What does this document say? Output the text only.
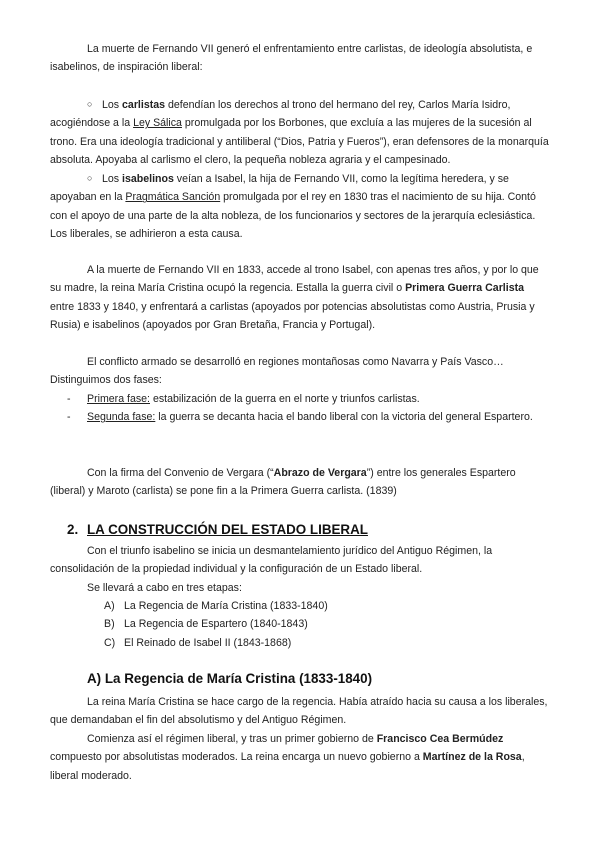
La muerte de Fernando VII generó el enfrentamiento entre carlistas, de ideología absolutista, e isabelinos, de inspiración liberal:

○ Los carlistas defendían los derechos al trono del hermano del rey, Carlos María Isidro, acogiéndose a la Ley Sálica promulgada por los Borbones, que excluía a las mujeres de la sucesión al trono. Era una ideología tradicional y antiliberal (“Dios, Patria y Fueros”), eran defensores de la monarquía absoluta. Apoyaba al carlismo el clero, la pequeña nobleza agraria y el campesinado.
○ Los isabelinos veían a Isabel, la hija de Fernando VII, como la legítima heredera, y se apoyaban en la Pragmática Sanción promulgada por el rey en 1830 tras el nacimiento de su hija. Contó con el apoyo de una parte de la alta nobleza, de los funcionarios y sectores de la jerarquía eclesiástica. Los liberales, se adhirieron a esta causa.

A la muerte de Fernando VII en 1833, accede al trono Isabel, con apenas tres años, y por lo que su madre, la reina María Cristina ocupó la regencia. Estalla la guerra civil o Primera Guerra Carlista entre 1833 y 1840, y enfrentará a carlistas (apoyados por potencias absolutistas como Austria, Prusia y Rusia) e isabelinos (apoyados por Gran Bretaña, Francia y Portugal).

El conflicto armado se desarrolló en regiones montañosas como Navarra y País Vasco… Distinguimos dos fases:

- Primera fase: estabilización de la guerra en el norte y triunfos carlistas.
- Segunda fase: la guerra se decanta hacia el bando liberal con la victoria del general Espartero.

Con la firma del Convenio de Vergara (“Abrazo de Vergara”) entre los generales Espartero (liberal) y Maroto (carlista) se pone fin a la Primera Guerra carlista. (1839)

2. LA CONSTRUCCIÓN DEL ESTADO LIBERAL

Con el triunfo isabelino se inicia un desmantelamiento jurídico del Antiguo Régimen, la consolidación de la propiedad individual y la configuración de un Estado liberal.

Se llevará a cabo en tres etapas:

A) La Regencia de María Cristina (1833-1840)
B) La Regencia de Espartero (1840-1843)
C) El Reinado de Isabel II (1843-1868)
A) La Regencia de María Cristina (1833-1840)

La reina María Cristina se hace cargo de la regencia. Había atraído hacia su causa a los liberales, que demandaban el fin del absolutismo y del Antiguo Régimen.

Comienza así el régimen liberal, y tras un primer gobierno de Francisco Cea Bermúdez compuesto por absolutistas moderados. La reina encarga un nuevo gobierno a Martínez de la Rosa, liberal moderado.
